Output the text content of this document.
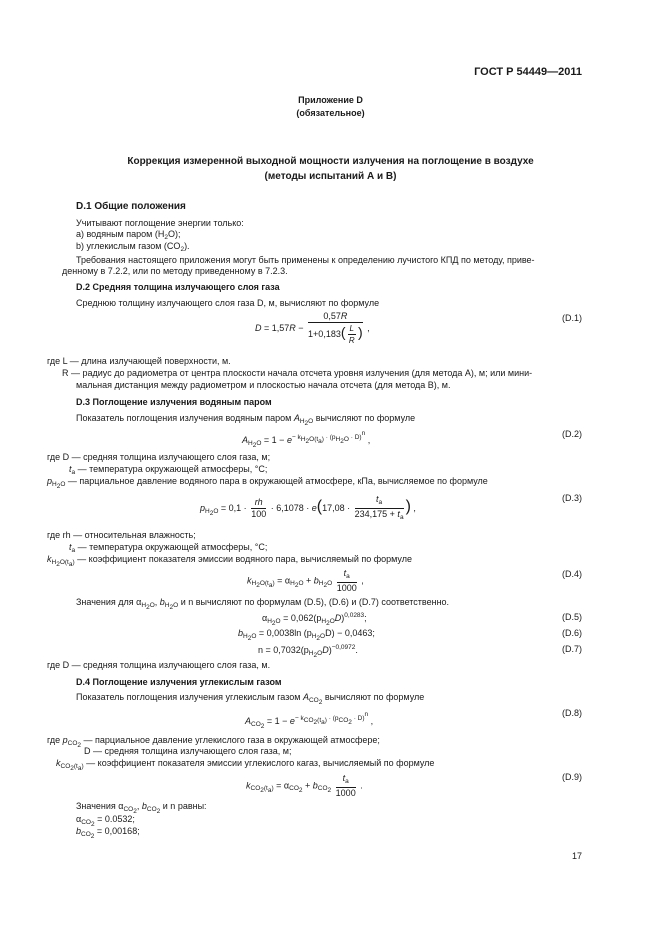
ГОСТ Р 54449—2011
Приложение D
(обязательное)
Коррекция измеренной выходной мощности излучения на поглощение в воздухе
(методы испытаний А и В)
D.1 Общие положения
Учитывают поглощение энергии только:
a) водяным паром $(H_2O)$;
b) углекислым газом $(CO_2)$.
Требования настоящего приложения могут быть применены к определению лучистого КПД по методу, приве-
денному в 7.2.2, или по методу приведенному в 7.2.3.
D.2 Средняя толщина излучающего слоя газа
Среднюю толщину излучающего слоя газа D, м, вычисляют по формуле
$D = 1,57R - \frac{0,57R}{1+0,183( \frac{L}{R} )}$ ,
(D.1)
где L — длина излучающей поверхности, м.
R — радиус до радиометра от центра плоскости начала отсчета уровня излучения (для метода А), м; или мини-
мальная дистанция между радиометром и плоскостью начала отсчета (для метода В), м.
D.3 Поглощение излучения водяным паром
Показатель поглощения излучения водяным паром $A_{H_2O}$ вычисляют по формуле
$A_{H_2O} = 1 - e^{- k_{H_2O(t_a)} \cdot (p_{H_2O} \cdot D)^n}$ ,
(D.2)
где D — средняя толщина излучающего слоя газа, м;
$t_a$ — температура окружающей атмосферы, °С;
$p_{H_2O}$ — парциальное давление водяного пара в окружающей атмосфере, кПа, вычисляемое по формуле
$p_{H_2O} = 0,1 \cdot \frac{rh}{100} \cdot 6,1078 \cdot e(17,08 \cdot \frac{t_a}{234,175 + t_a}$ ) ,
(D.3)
где rh — относительная влажность;
$t_a$ — температура окружающей атмосферы, °С;
$k_{H_2O(t_a)}$ — коэффициент показателя эмиссии водяного пара, вычисляемый по формуле
$k_{H_2O(t_a)} = \alpha_{H_2O} + b_{H_2O} \frac{t_a}{1000}$ ,
(D.4)
Значения для $\alpha_{H_2O}$, $b_{H_2O}$ и n вычисляют по формулам (D.5), (D.6) и (D.7) соответственно.
$\alpha_{H_2O} = 0,062(p_{H_2O}D)^{0,0283}$;	(D.5)
$b_{H_2O} = 0,0038\ln$ $(p_{H_2O}D) - 0,0463$;	(D.6)
$n = 0,7032(p_{H_2O}D)^{-0,0972}$.	(D.7)
где D — средняя толщина излучающего слоя газа, м.
D.4 Поглощение излучения углекислым газом
Показатель поглощения излучения углекислым газом $A_{CO_2}$ вычисляют по формуле
$A_{CO_2} = 1 - e^{- k_{CO_2(t_a)} \cdot (p_{CO_2} \cdot D)^n}$ ,
(D.8)
где $p_{CO_2}$ — парциальное давление углекислого газа в окружающей атмосфере;
D — средняя толщина излучающего слоя газа, м;
$k_{CO_2(t_a)}$ — коэффициент показателя эмиссии углекислого кагаз, вычисляемый по формуле
$k_{CO_2(t_a)} = \alpha_{CO_2} + b_{CO_2} \frac{t_a}{1000}$ .
(D.9)
Значения $\alpha_{CO_2}$, $b_{CO_2}$ и n равны:
$\alpha_{CO_2} = 0.0532$;
$b_{CO_2} = 0,00168$;
17
